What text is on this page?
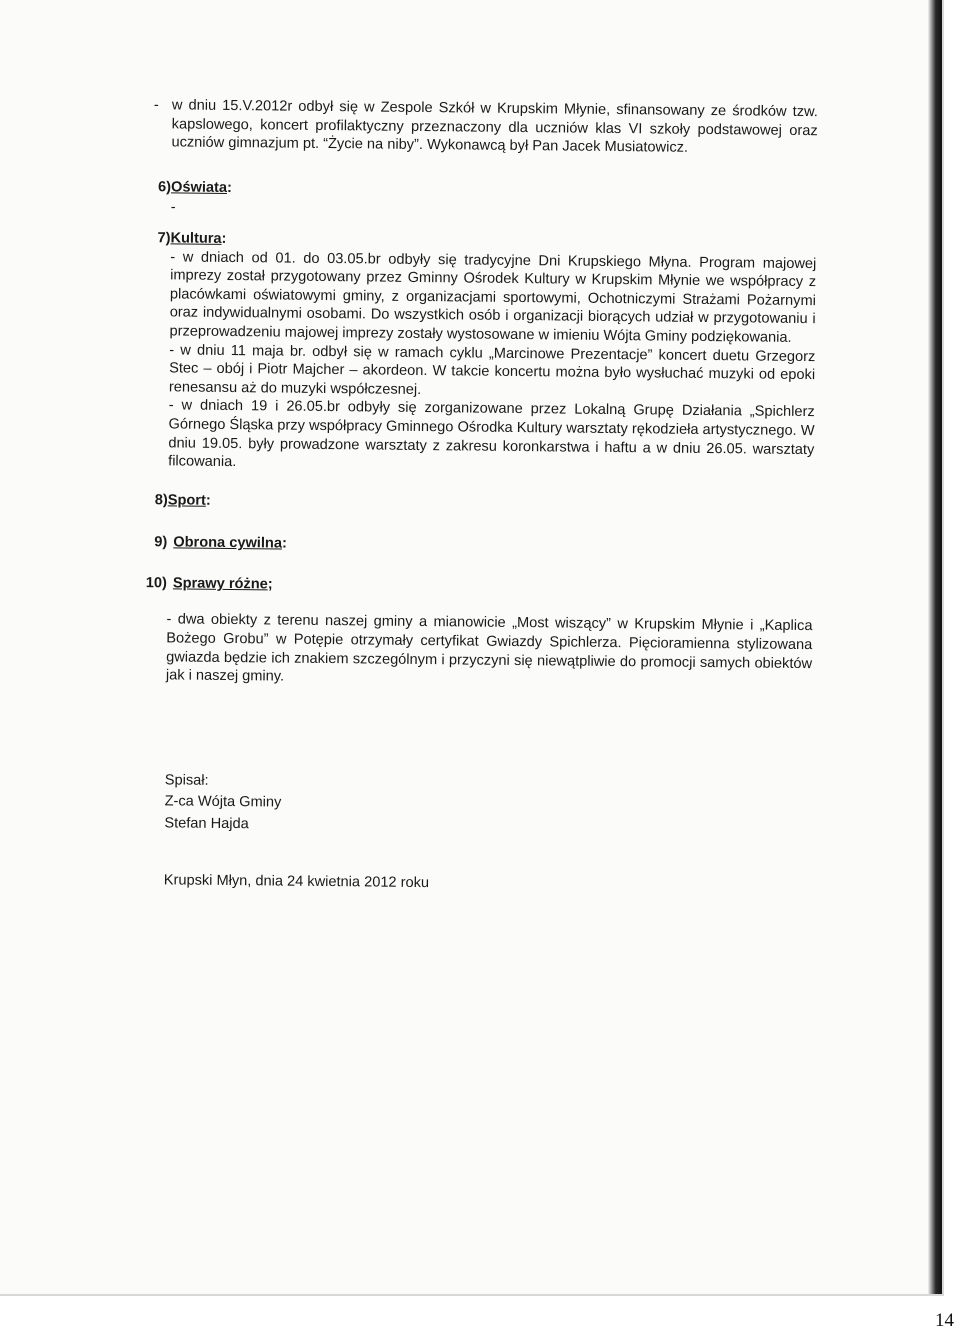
- w dniu 15.V.2012r odbył się w Zespole Szkół w Krupskim Młynie, sfinansowany ze środków tzw. kapslowego, koncert profilaktyczny przeznaczony dla uczniów klas VI szkoły podstawowej oraz uczniów gimnazjum pt. “Życie na niby”. Wykonawcą był Pan Jacek Musiatowicz.

6) Oświata:

-

7) Kultura:

- w dniach od 01. do 03.05.br odbyły się tradycyjne Dni Krupskiego Młyna. Program majowej imprezy został przygotowany przez Gminny Ośrodek Kultury w Krupskim Młynie we współpracy z placówkami oświatowymi gminy, z organizacjami sportowymi, Ochotniczymi Strażami Pożarnymi oraz indywidualnymi osobami. Do wszystkich osób i organizacji biorących udział w przygotowaniu i przeprowadzeniu majowej imprezy zostały wystosowane w imieniu Wójta Gminy podziękowania.

- w dniu 11 maja br. odbył się w ramach cyklu „Marcinowe Prezentacje” koncert duetu Grzegorz Stec – obój i Piotr Majcher – akordeon. W takcie koncertu można było wysłuchać muzyki od epoki renesansu aż do muzyki współczesnej.

- w dniach 19 i 26.05.br odbyły się zorganizowane przez Lokalną Grupę Działania „Spichlerz Górnego Śląska przy współpracy Gminnego Ośrodka Kultury warsztaty rękodzieła artystycznego. W dniu 19.05. były prowadzone warsztaty z zakresu koronkarstwa i haftu a w dniu 26.05. warsztaty filcowania.

8) Sport:

9) Obrona cywilna:

10) Sprawy różne;

- dwa obiekty z terenu naszej gminy a mianowicie „Most wiszący” w Krupskim Młynie i „Kaplica Bożego Grobu” w Potępie otrzymały certyfikat Gwiazdy Spichlerza. Pięcioramienna stylizowana gwiazda będzie ich znakiem szczególnym i przyczyni się niewątpliwie do promocji samych obiektów jak i naszej gminy.

Spisał:

Z-ca Wójta Gminy

Stefan Hajda

Krupski Młyn, dnia 24 kwietnia 2012 roku

14
